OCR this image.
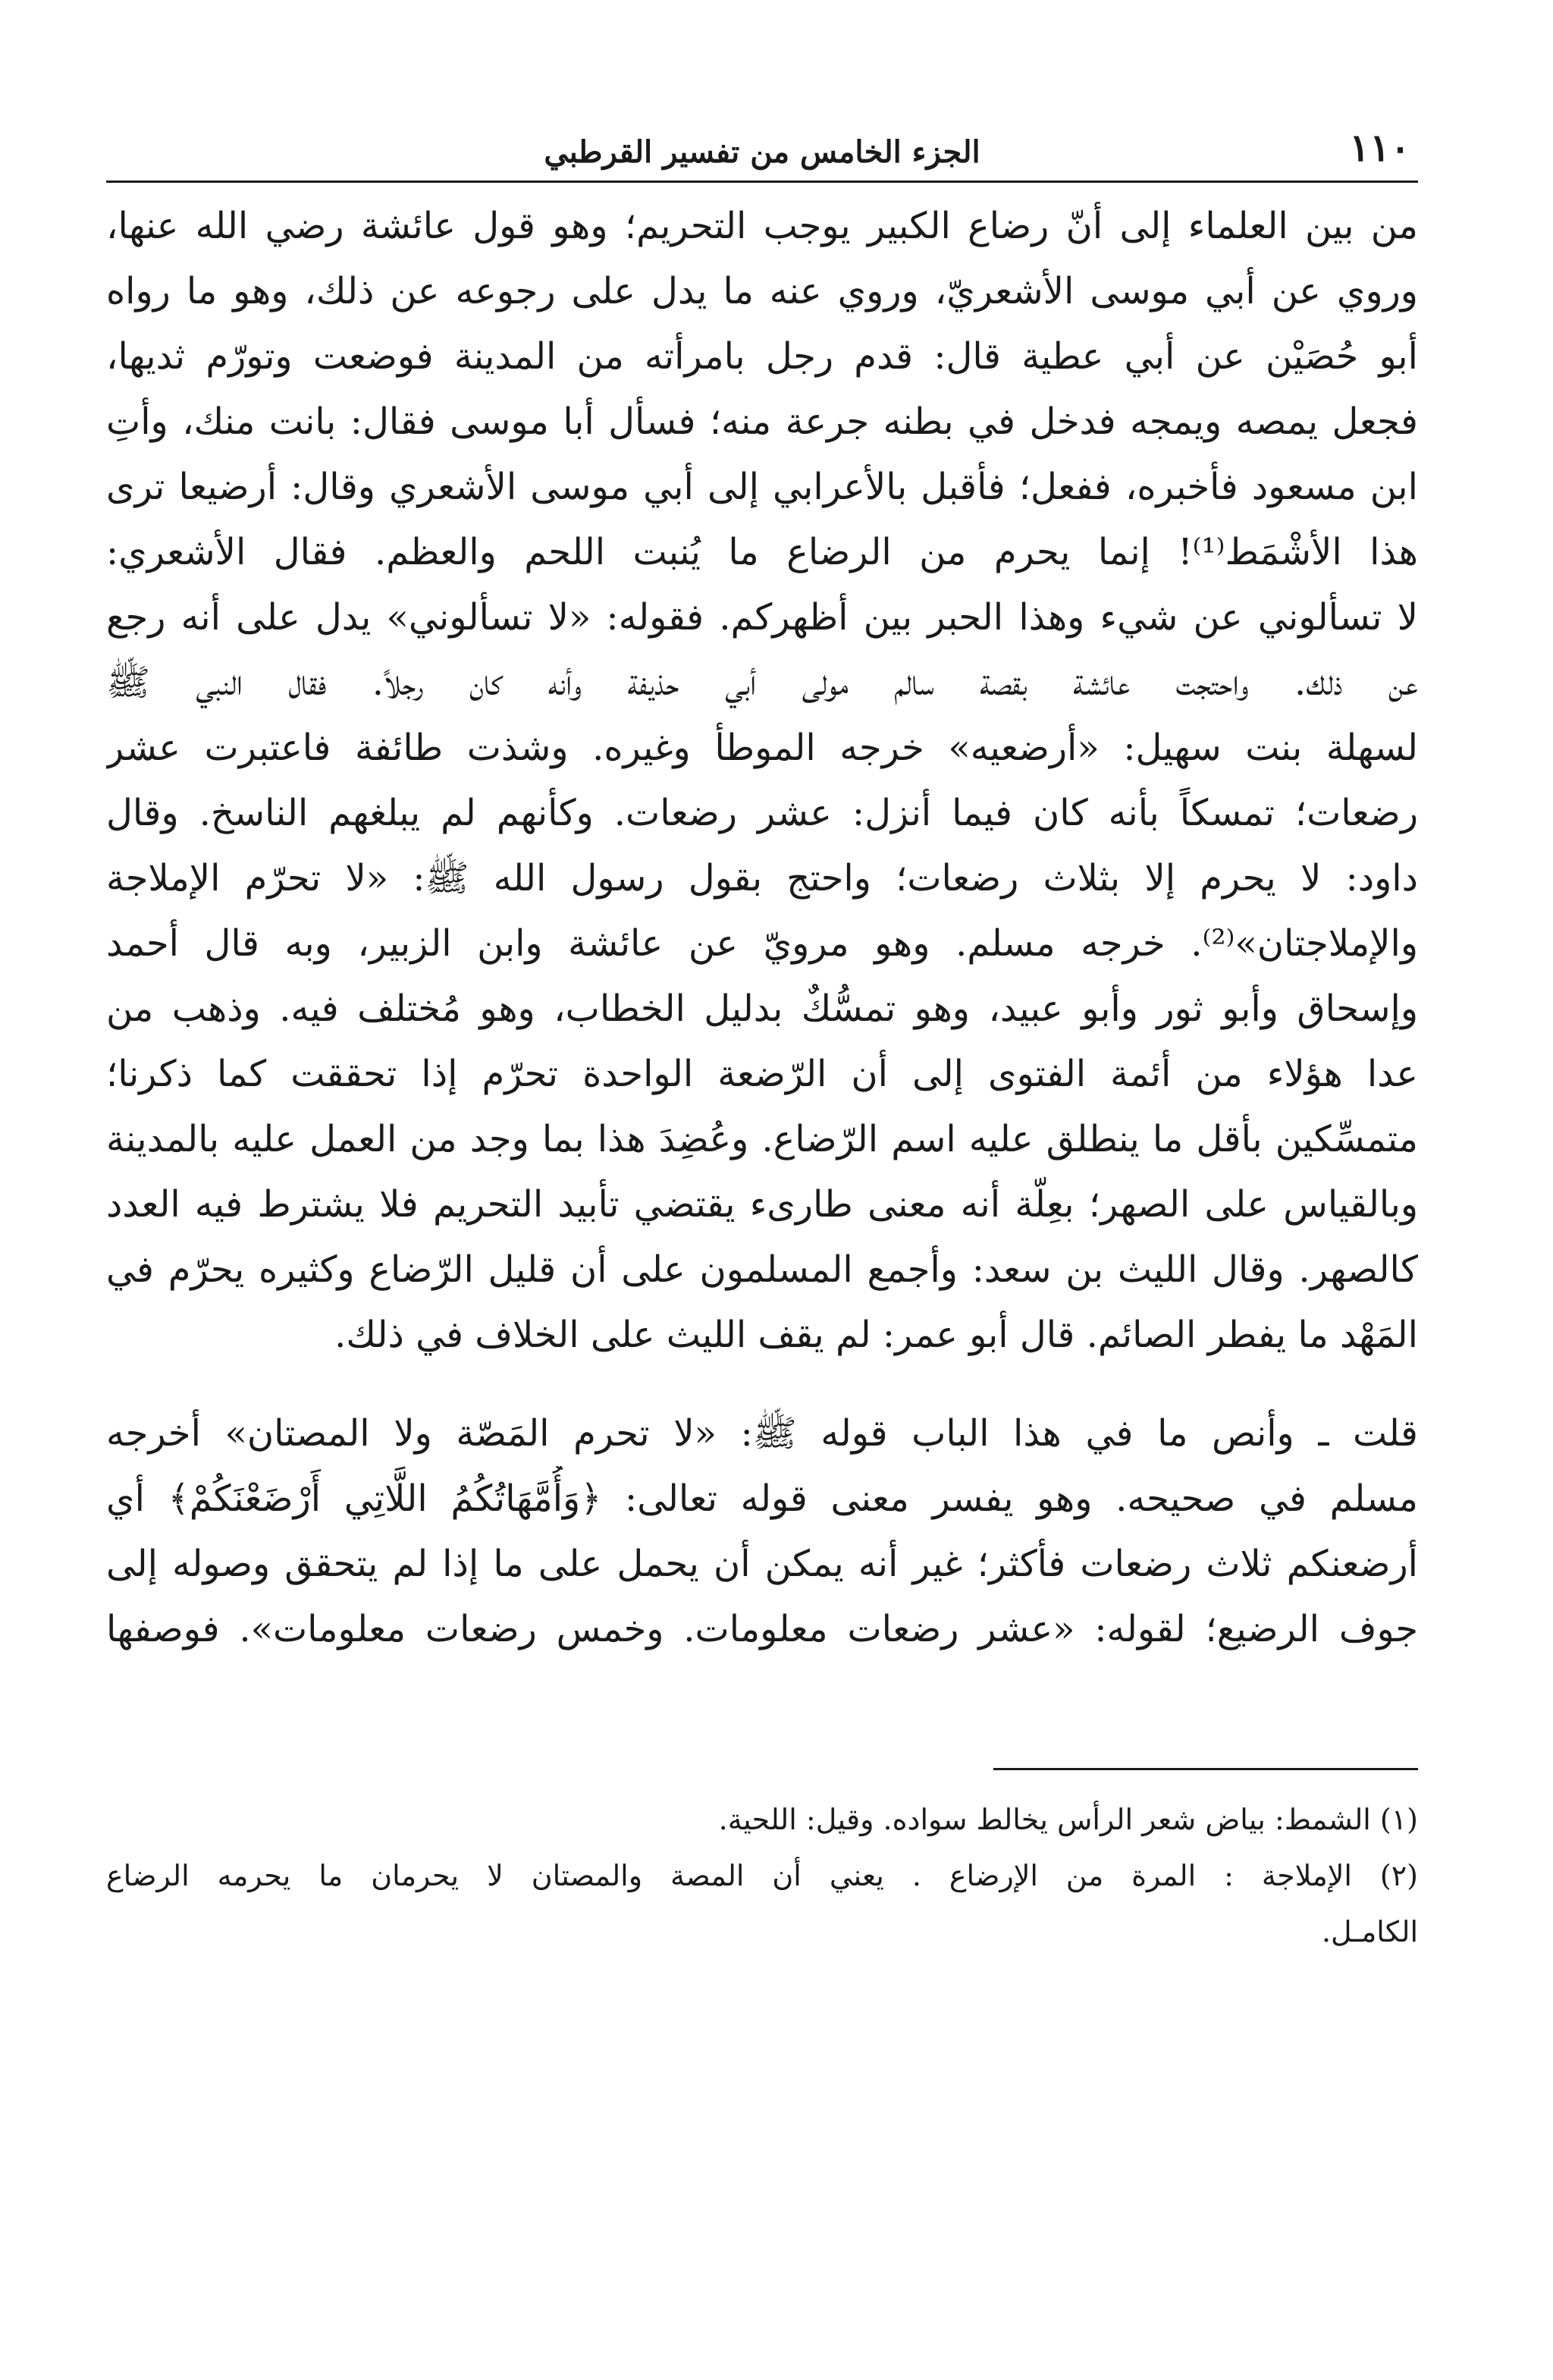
١١٠
الجزء الخامس من تفسير القرطبي
من بين العلماء إلى أنّ رضاع الكبير يوجب التحريم؛ وهو قول عائشة رضي الله عنها،
وروي عن أبي موسى الأشعريّ، وروي عنه ما يدل على رجوعه عن ذلك، وهو ما رواه
أبو حُصَيْن عن أبي عطية قال: قدم رجل بامرأته من المدينة فوضعت وتورّم ثديها،
فجعل يمصه ويمجه فدخل في بطنه جرعة منه؛ فسأل أبا موسى فقال: بانت منك، وأتِ
ابن مسعود فأخبره، ففعل؛ فأقبل بالأعرابي إلى أبي موسى الأشعري وقال: أرضيعا ترى
هذا الأشْمَط⁽¹⁾! إنما يحرم من الرضاع ما يُنبت اللحم والعظم. فقال الأشعري:
لا تسألوني عن شيء وهذا الحبر بين أظهركم. فقوله: «لا تسألوني» يدل على أنه رجع
عن ذلك. واحتجت عائشة بقصة سالم مولى أبي حذيفة وأنه كان رجلاً. فقال النبي ﷺ
لسهلة بنت سهيل: «أرضعيه» خرجه الموطأ وغيره. وشذت طائفة فاعتبرت عشر
رضعات؛ تمسكاً بأنه كان فيما أنزل: عشر رضعات. وكأنهم لم يبلغهم الناسخ. وقال
داود: لا يحرم إلا بثلاث رضعات؛ واحتج بقول رسول الله ﷺ: «لا تحرّم الإملاجة
والإملاجتان»⁽²⁾. خرجه مسلم. وهو مرويّ عن عائشة وابن الزبير، وبه قال أحمد
وإسحاق وأبو ثور وأبو عبيد، وهو تمسُّكٌ بدليل الخطاب، وهو مُختلف فيه. وذهب من
عدا هؤلاء من أئمة الفتوى إلى أن الرّضعة الواحدة تحرّم إذا تحققت كما ذكرنا؛
متمسِّكين بأقل ما ينطلق عليه اسم الرّضاع. وعُضِدَ هذا بما وجد من العمل عليه بالمدينة
وبالقياس على الصهر؛ بعِلّة أنه معنى طارىء يقتضي تأبيد التحريم فلا يشترط فيه العدد
كالصهر. وقال الليث بن سعد: وأجمع المسلمون على أن قليل الرّضاع وكثيره يحرّم في
المَهْد ما يفطر الصائم. قال أبو عمر: لم يقف الليث على الخلاف في ذلك.
قلت ـ وأنص ما في هذا الباب قوله ﷺ: «لا تحرم المَصّة ولا المصتان» أخرجه
مسلم في صحيحه. وهو يفسر معنى قوله تعالى: ﴿وَأُمَّهَاتُكُمُ اللَّاتِي أَرْضَعْنَكُمْ﴾ أي
أرضعنكم ثلاث رضعات فأكثر؛ غير أنه يمكن أن يحمل على ما إذا لم يتحقق وصوله إلى
جوف الرضيع؛ لقوله: «عشر رضعات معلومات. وخمس رضعات معلومات». فوصفها
(١) الشمط: بياض شعر الرأس يخالط سواده. وقيل: اللحية.
(٢) الإملاجة : المرة من الإرضاع . يعني أن المصة والمصتان لا يحرمان ما يحرمه الرضاع
الكامـل.
